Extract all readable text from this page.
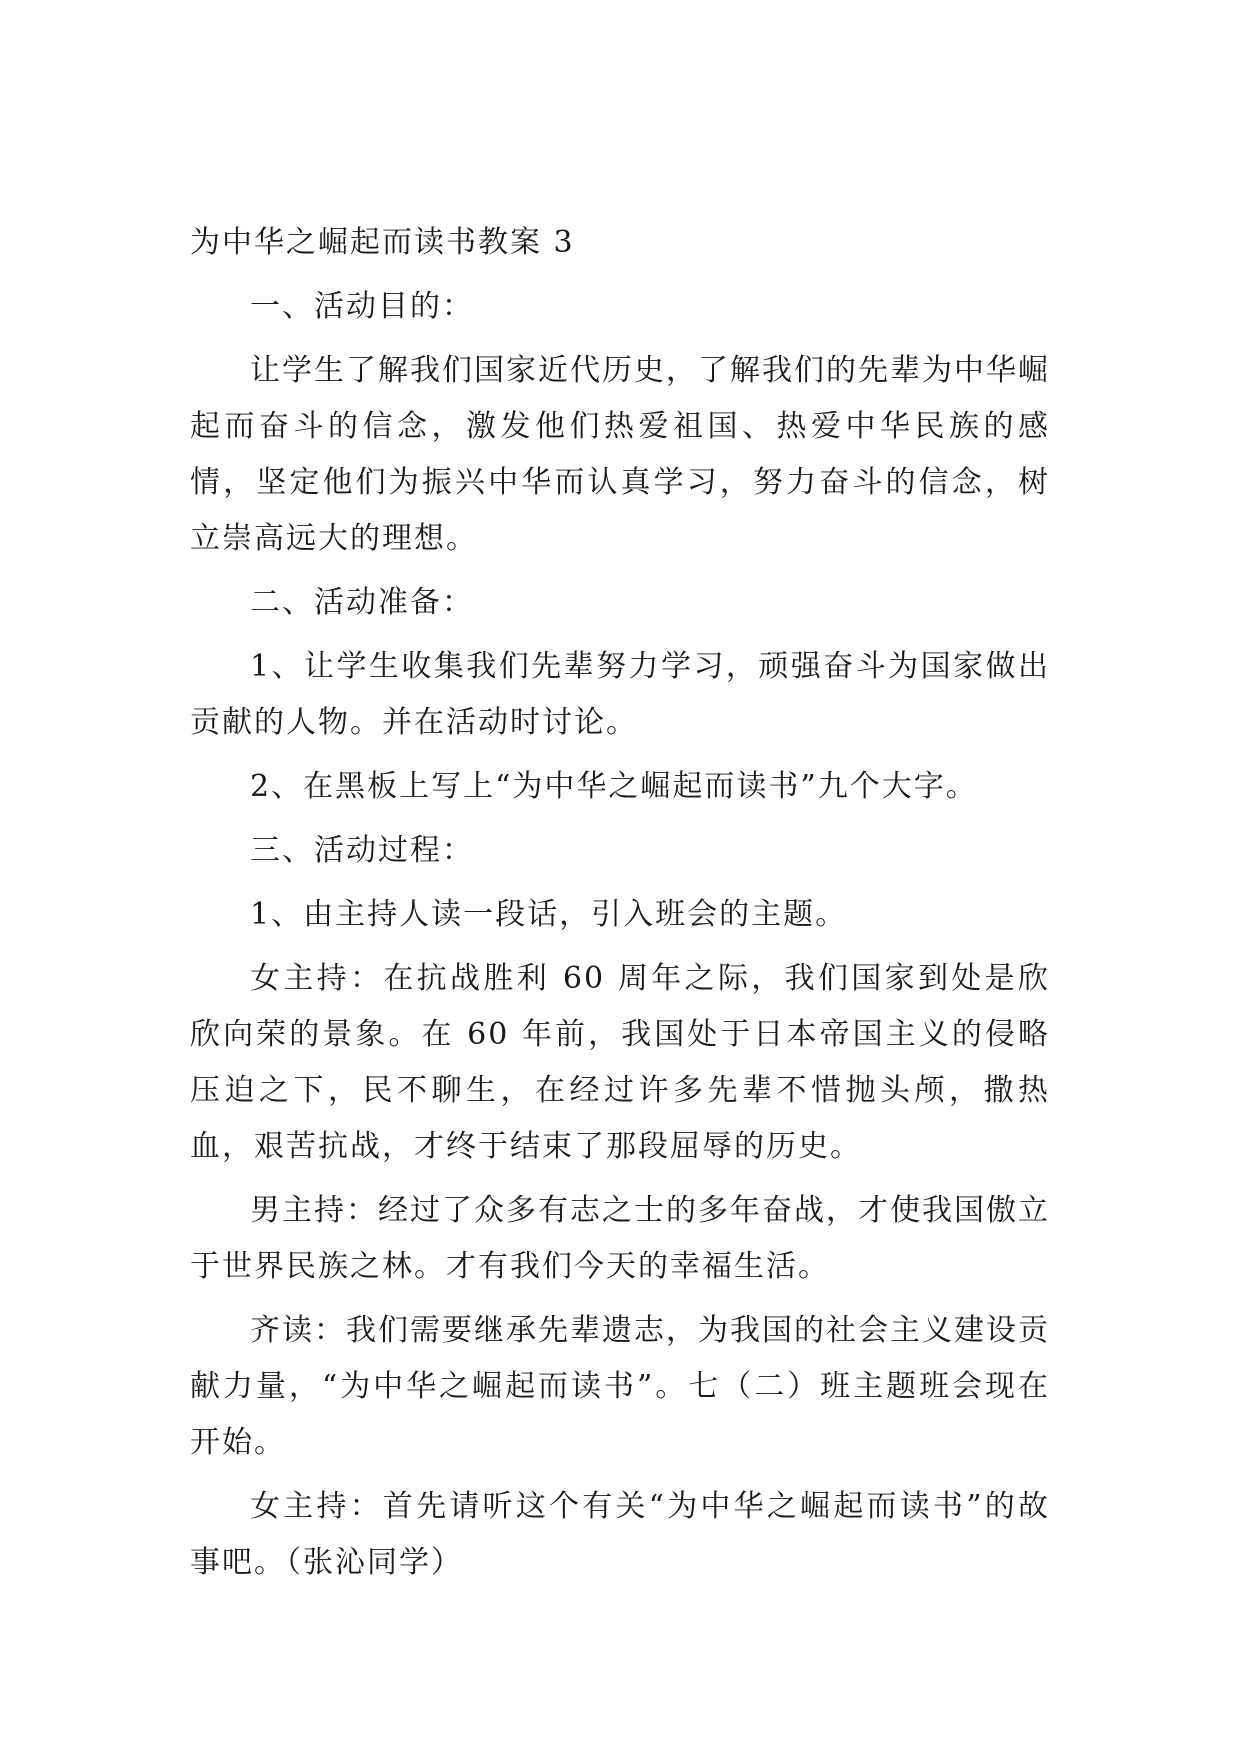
为中华之崛起而读书教案 3
一、活动目的：
让学生了解我们国家近代历史，了解我们的先辈为中华崛起而奋斗的信念，激发他们热爱祖国、热爱中华民族的感情，坚定他们为振兴中华而认真学习，努力奋斗的信念，树立崇高远大的理想。
二、活动准备：
1、让学生收集我们先辈努力学习，顽强奋斗为国家做出贡献的人物。并在活动时讨论。
2、在黑板上写上“为中华之崛起而读书”九个大字。
三、活动过程：
1、由主持人读一段话，引入班会的主题。
女主持：在抗战胜利 60 周年之际，我们国家到处是欣欣向荣的景象。在 60 年前，我国处于日本帝国主义的侵略压迫之下，民不聊生，在经过许多先辈不惜抛头颅，撒热血，艰苦抗战，才终于结束了那段屈辱的历史。
男主持：经过了众多有志之士的多年奋战，才使我国傲立于世界民族之林。才有我们今天的幸福生活。
齐读：我们需要继承先辈遗志，为我国的社会主义建设贡献力量，“为中华之崛起而读书”。七（二）班主题班会现在开始。
女主持：首先请听这个有关“为中华之崛起而读书”的故事吧。（张沁同学）
